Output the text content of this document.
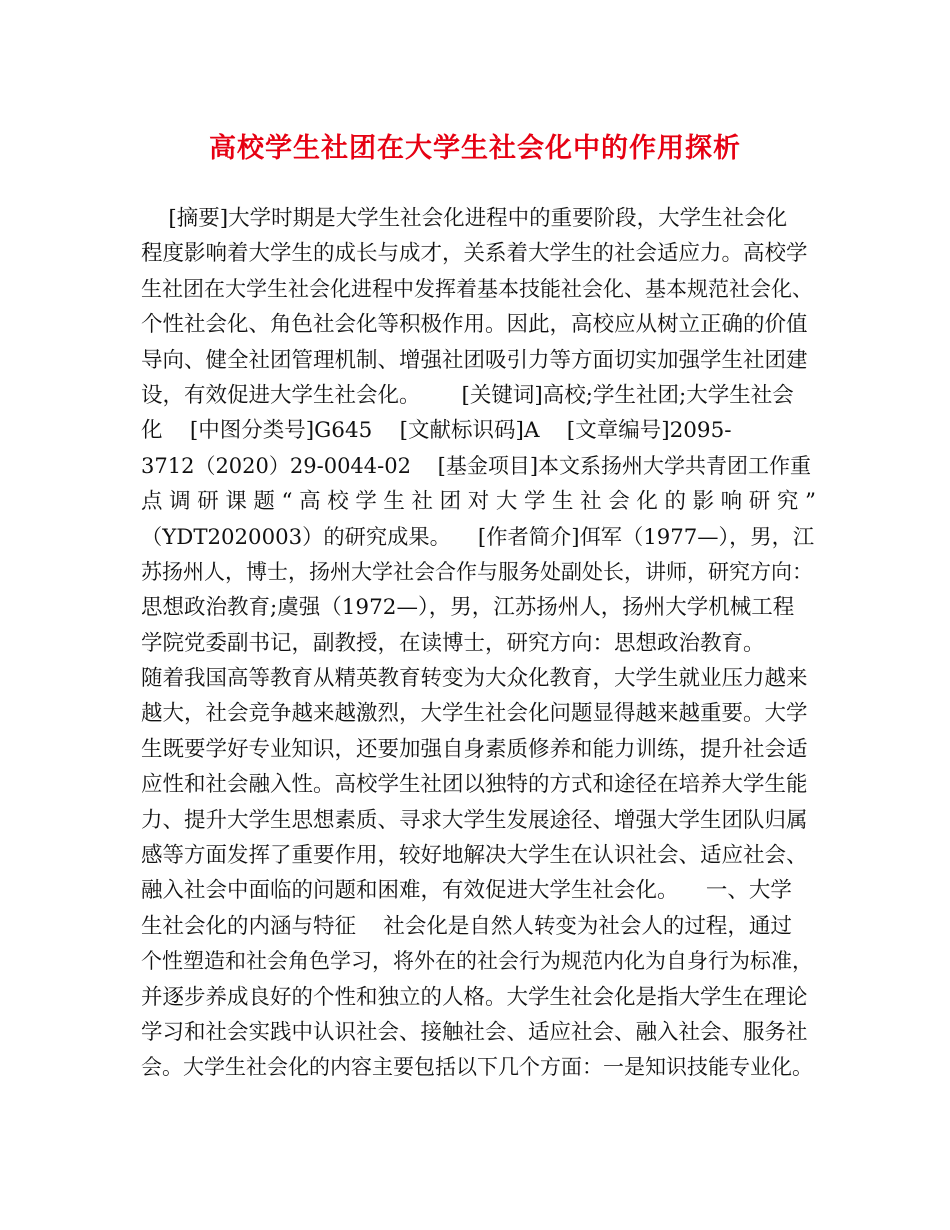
高校学生社团在大学生社会化中的作用探析
[摘要]大学时期是大学生社会化进程中的重要阶段，大学生社会化
程度影响着大学生的成长与成才，关系着大学生的社会适应力。高校学
生社团在大学生社会化进程中发挥着基本技能社会化、基本规范社会化、
个性社会化、角色社会化等积极作用。因此，高校应从树立正确的价值
导向、健全社团管理机制、增强社团吸引力等方面切实加强学生社团建
设，有效促进大学生社会化。      [关键词]高校;学生社团;大学生社会
化    [中图分类号]G645    [文献标识码]A    [文章编号]2095-
3712（2020）29-0044-02    [基金项目]本文系扬州大学共青团工作重
点调研课题“高校学生社团对大学生社会化的影响研究”
（YDT2020003）的研究成果。    [作者简介]佴军（1977—），男，江
苏扬州人，博士，扬州大学社会合作与服务处副处长，讲师，研究方向：
思想政治教育;虞强（1972—），男，江苏扬州人，扬州大学机械工程
学院党委副书记，副教授，在读博士，研究方向：思想政治教育。
随着我国高等教育从精英教育转变为大众化教育，大学生就业压力越来
越大，社会竞争越来越激烈，大学生社会化问题显得越来越重要。大学
生既要学好专业知识，还要加强自身素质修养和能力训练，提升社会适
应性和社会融入性。高校学生社团以独特的方式和途径在培养大学生能
力、提升大学生思想素质、寻求大学生发展途径、增强大学生团队归属
感等方面发挥了重要作用，较好地解决大学生在认识社会、适应社会、
融入社会中面临的问题和困难，有效促进大学生社会化。    一、大学
生社会化的内涵与特征    社会化是自然人转变为社会人的过程，通过
个性塑造和社会角色学习，将外在的社会行为规范内化为自身行为标准，
并逐步养成良好的个性和独立的人格。大学生社会化是指大学生在理论
学习和社会实践中认识社会、接触社会、适应社会、融入社会、服务社
会。大学生社会化的内容主要包括以下几个方面：一是知识技能专业化。
